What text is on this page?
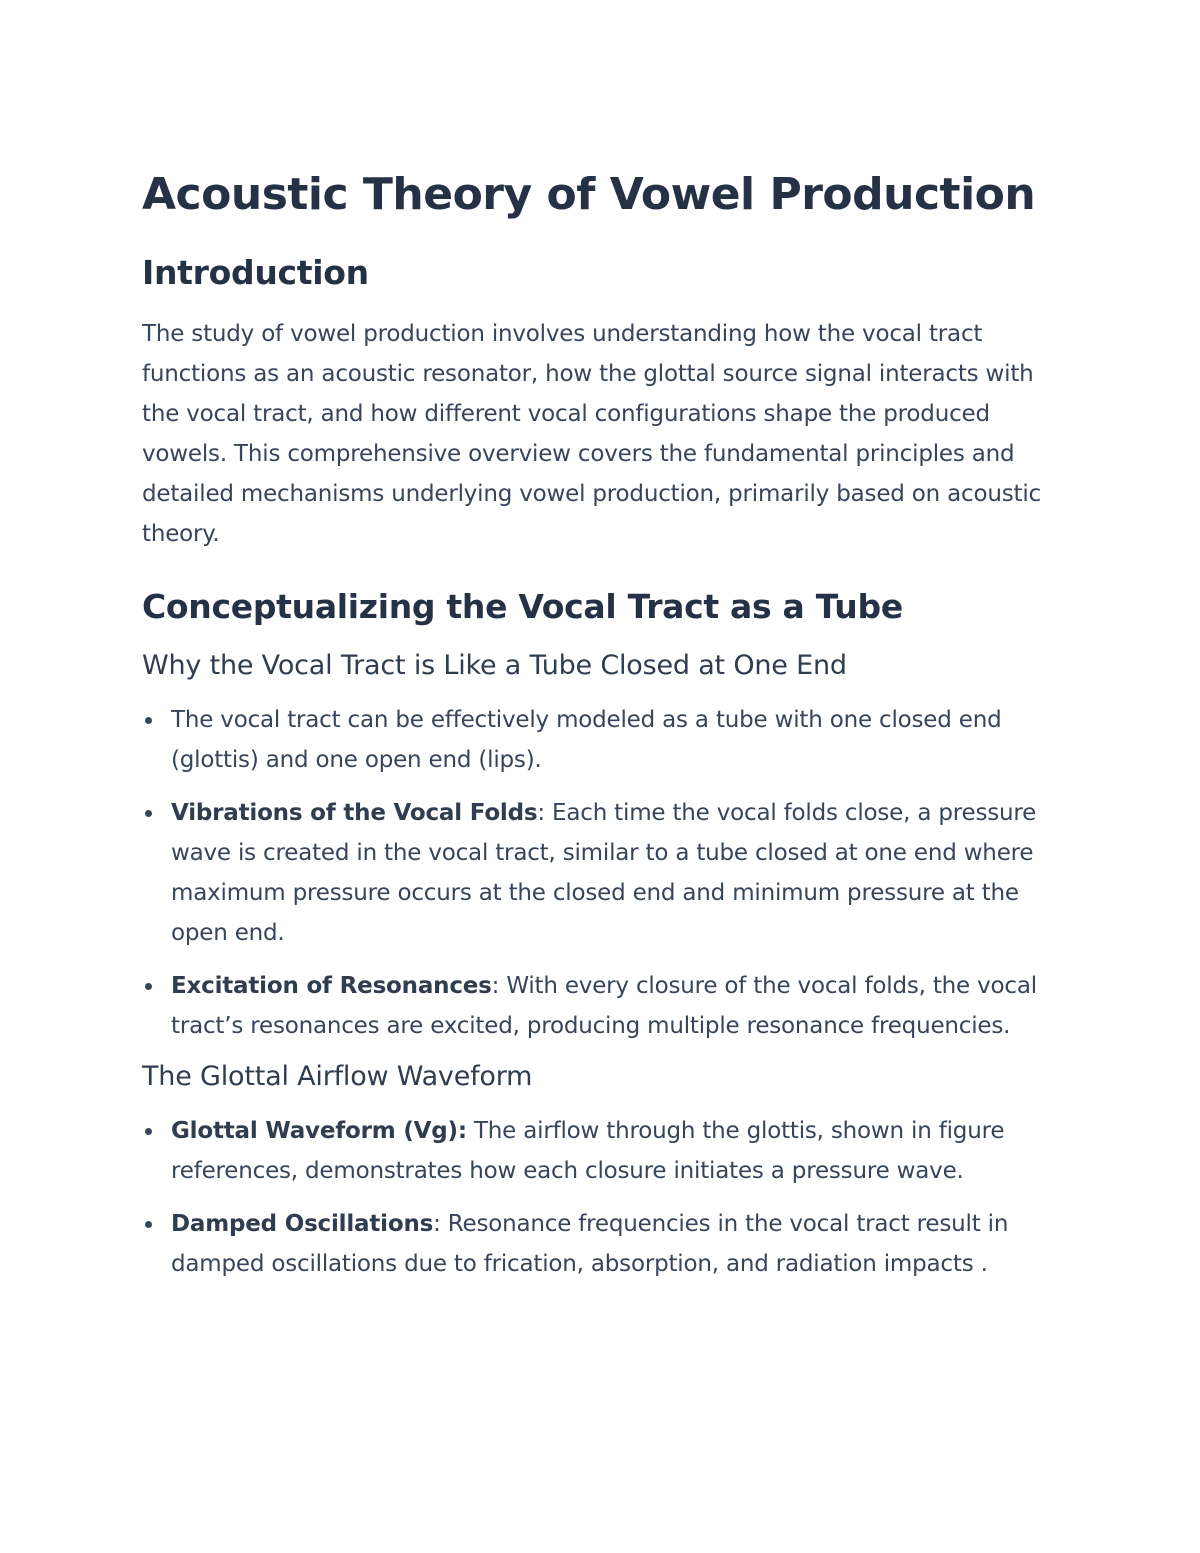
Acoustic Theory of Vowel Production
Introduction

The study of vowel production involves understanding how the vocal tract functions as an acoustic resonator, how the glottal source signal interacts with the vocal tract, and how different vocal configurations shape the produced vowels. This comprehensive overview covers the fundamental principles and detailed mechanisms underlying vowel production, primarily based on acoustic theory.

Conceptualizing the Vocal Tract as a Tube
Why the Vocal Tract is Like a Tube Closed at One End
The vocal tract can be effectively modeled as a tube with one closed end (glottis) and one open end (lips).
Vibrations of the Vocal Folds: Each time the vocal folds close, a pressure wave is created in the vocal tract, similar to a tube closed at one end where maximum pressure occurs at the closed end and minimum pressure at the open end.
Excitation of Resonances: With every closure of the vocal folds, the vocal tract’s resonances are excited, producing multiple resonance frequencies.
The Glottal Airflow Waveform
Glottal Waveform (Vg): The airflow through the glottis, shown in figure references, demonstrates how each closure initiates a pressure wave.
Damped Oscillations: Resonance frequencies in the vocal tract result in damped oscillations due to frication, absorption, and radiation impacts .
